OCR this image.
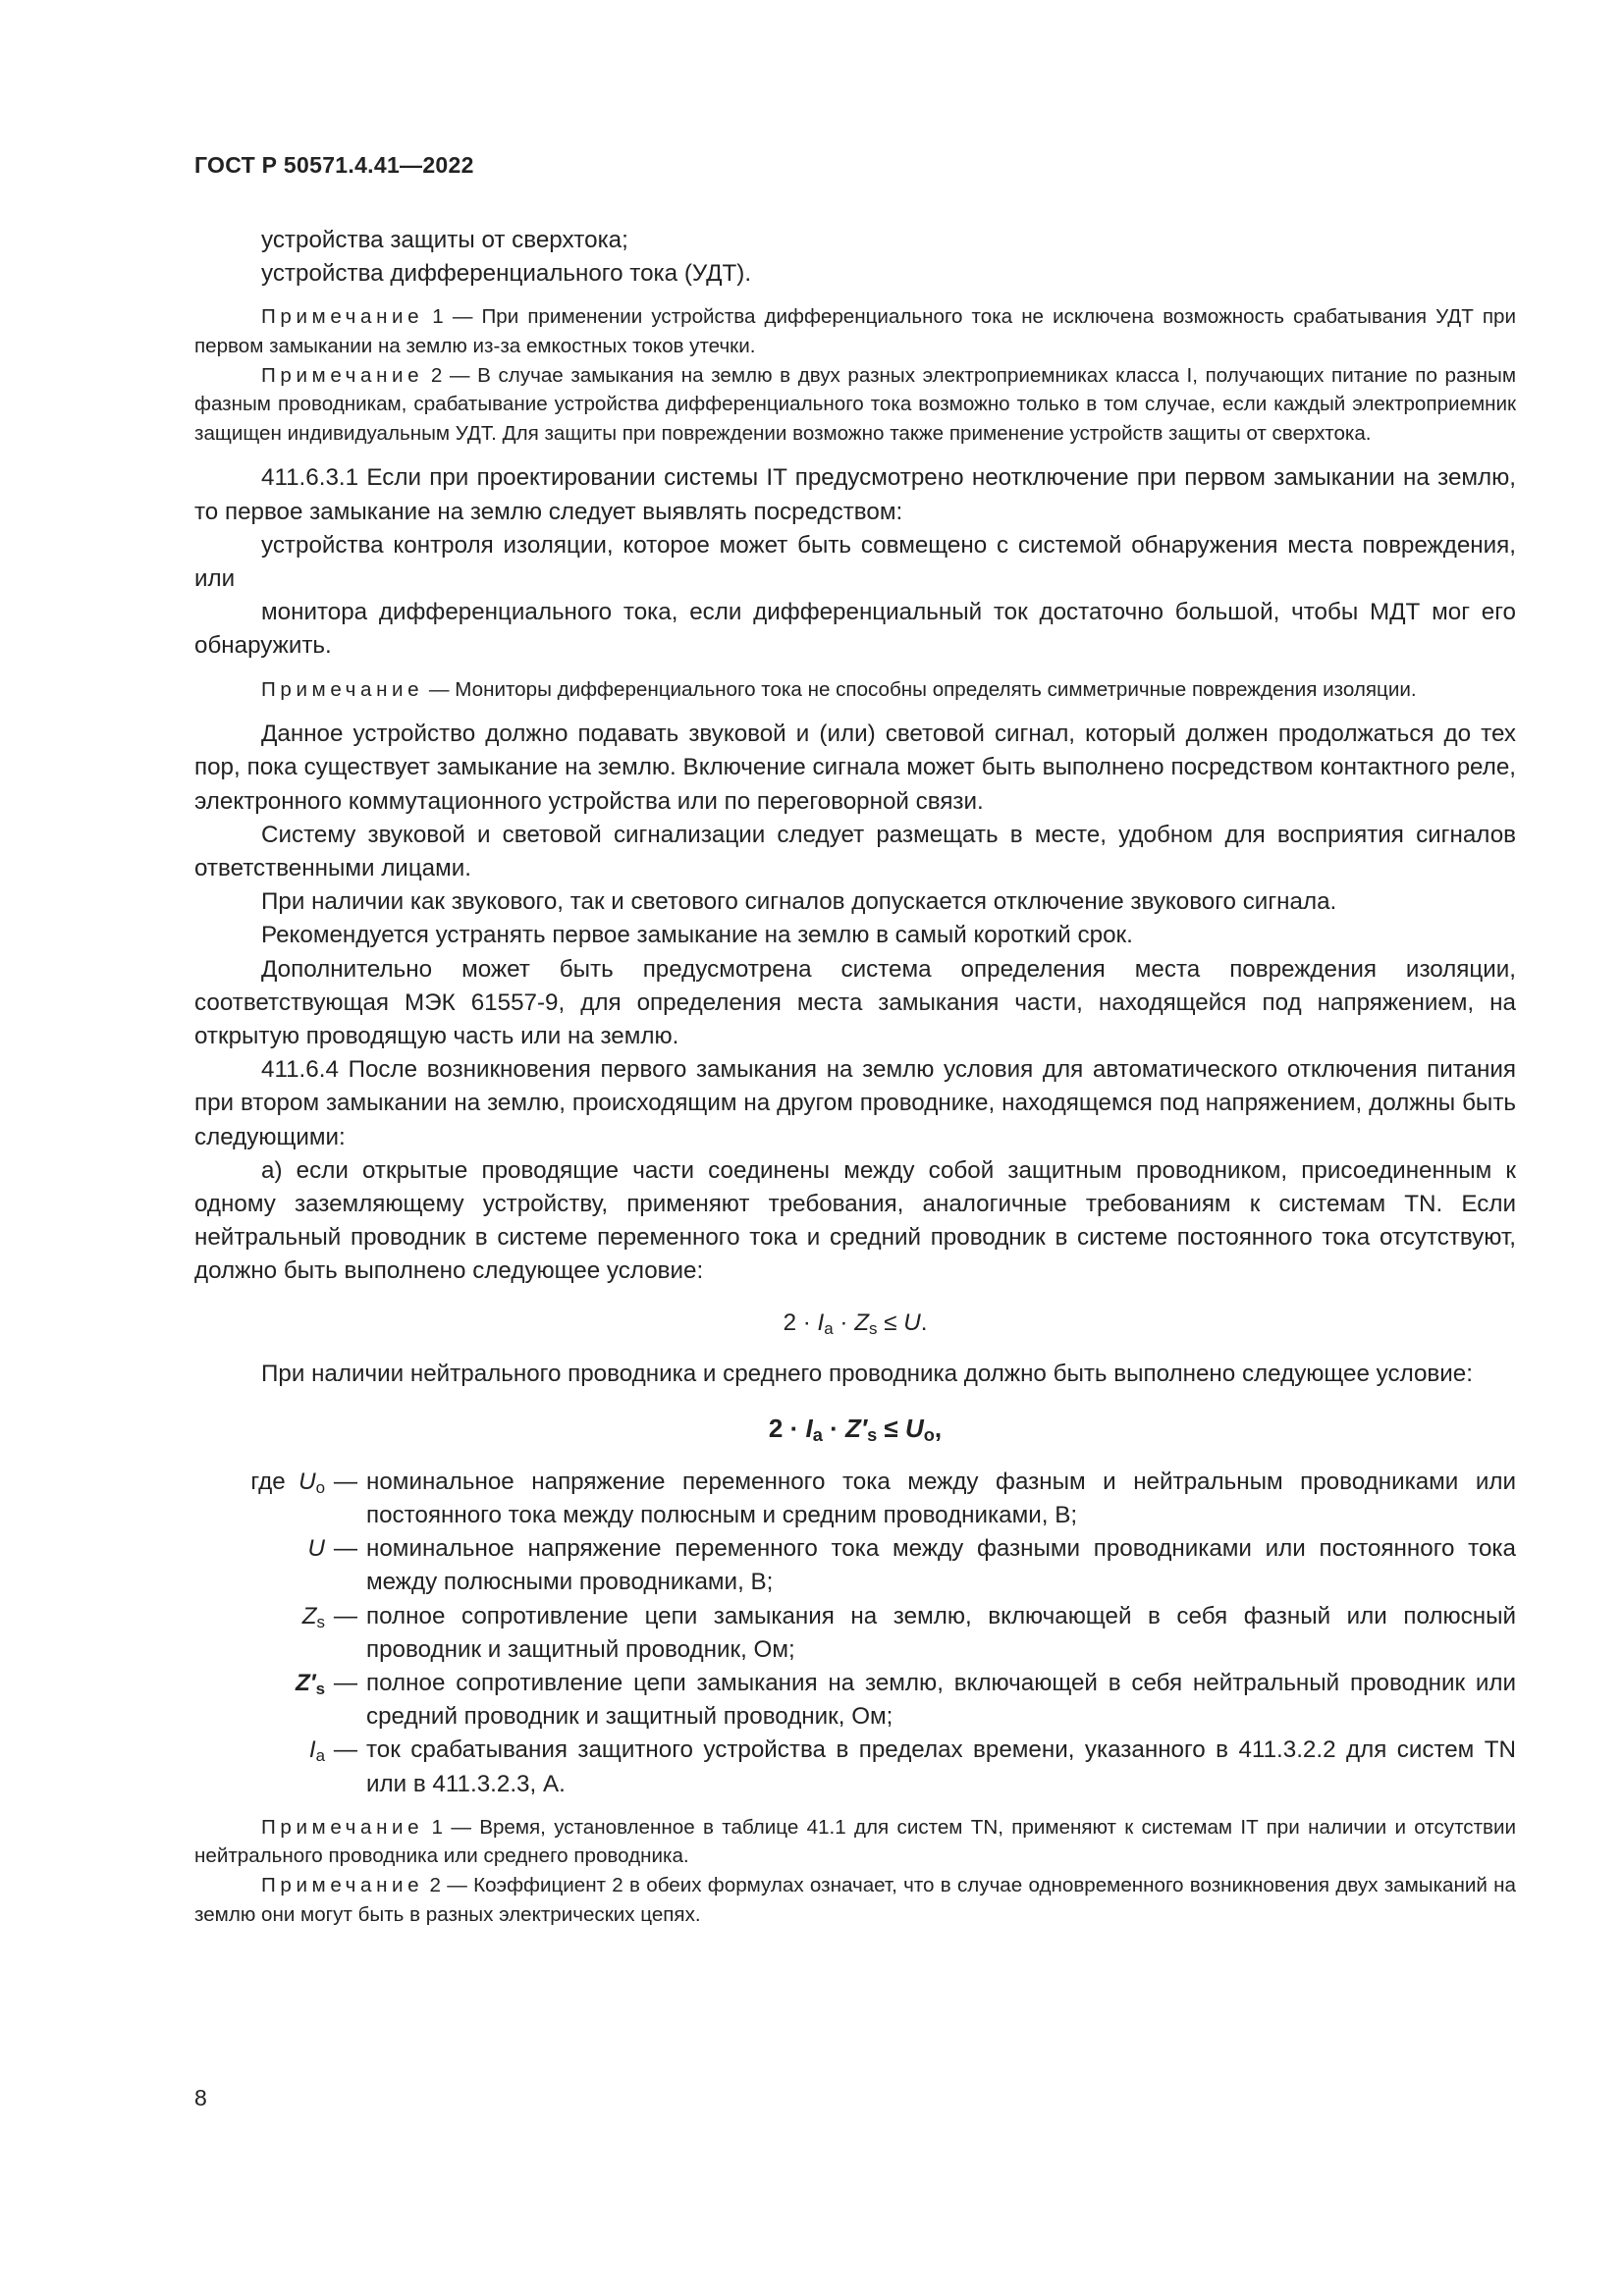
ГОСТ Р 50571.4.41—2022

устройства защиты от сверхтока;

устройства дифференциального тока (УДТ).

Примечание 1 — При применении устройства дифференциального тока не исключена возможность срабатывания УДТ при первом замыкании на землю из-за емкостных токов утечки.

Примечание 2 — В случае замыкания на землю в двух разных электроприемниках класса I, получающих питание по разным фазным проводникам, срабатывание устройства дифференциального тока возможно только в том случае, если каждый электроприемник защищен индивидуальным УДТ. Для защиты при повреждении возможно также применение устройств защиты от сверхтока.

411.6.3.1 Если при проектировании системы IT предусмотрено неотключение при первом замыкании на землю, то первое замыкание на землю следует выявлять посредством:

устройства контроля изоляции, которое может быть совмещено с системой обнаружения места повреждения, или

монитора дифференциального тока, если дифференциальный ток достаточно большой, чтобы МДТ мог его обнаружить.

Примечание — Мониторы дифференциального тока не способны определять симметричные повреждения изоляции.

Данное устройство должно подавать звуковой и (или) световой сигнал, который должен продолжаться до тех пор, пока существует замыкание на землю. Включение сигнала может быть выполнено посредством контактного реле, электронного коммутационного устройства или по переговорной связи.

Систему звуковой и световой сигнализации следует размещать в месте, удобном для восприятия сигналов ответственными лицами.

При наличии как звукового, так и светового сигналов допускается отключение звукового сигнала.

Рекомендуется устранять первое замыкание на землю в самый короткий срок.

Дополнительно может быть предусмотрена система определения места повреждения изоляции, соответствующая МЭК 61557-9, для определения места замыкания части, находящейся под напряжением, на открытую проводящую часть или на землю.

411.6.4 После возникновения первого замыкания на землю условия для автоматического отключения питания при втором замыкании на землю, происходящим на другом проводнике, находящемся под напряжением, должны быть следующими:

а) если открытые проводящие части соединены между собой защитным проводником, присоединенным к одному заземляющему устройству, применяют требования, аналогичные требованиям к системам TN. Если нейтральный проводник в системе переменного тока и средний проводник в системе постоянного тока отсутствуют, должно быть выполнено следующее условие:

$2 \cdot I_a \cdot Z_s \le U$.

При наличии нейтрального проводника и среднего проводника должно быть выполнено следующее условие:

$2 \cdot I_a \cdot Z'_s \le U_o$,

где $U_o$ — номинальное напряжение переменного тока между фазным и нейтральным проводниками или постоянного тока между полюсным и средним проводниками, В;
U — номинальное напряжение переменного тока между фазными проводниками или постоянного тока между полюсными проводниками, В;
$Z_s$ — полное сопротивление цепи замыкания на землю, включающей в себя фазный или полюсный проводник и защитный проводник, Ом;
$Z'_s$ — полное сопротивление цепи замыкания на землю, включающей в себя нейтральный проводник или средний проводник и защитный проводник, Ом;
$I_a$ — ток срабатывания защитного устройства в пределах времени, указанного в 411.3.2.2 для систем TN или в 411.3.2.3, А.

Примечание 1 — Время, установленное в таблице 41.1 для систем TN, применяют к системам IT при наличии и отсутствии нейтрального проводника или среднего проводника.

Примечание 2 — Коэффициент 2 в обеих формулах означает, что в случае одновременного возникновения двух замыканий на землю они могут быть в разных электрических цепях.

8
